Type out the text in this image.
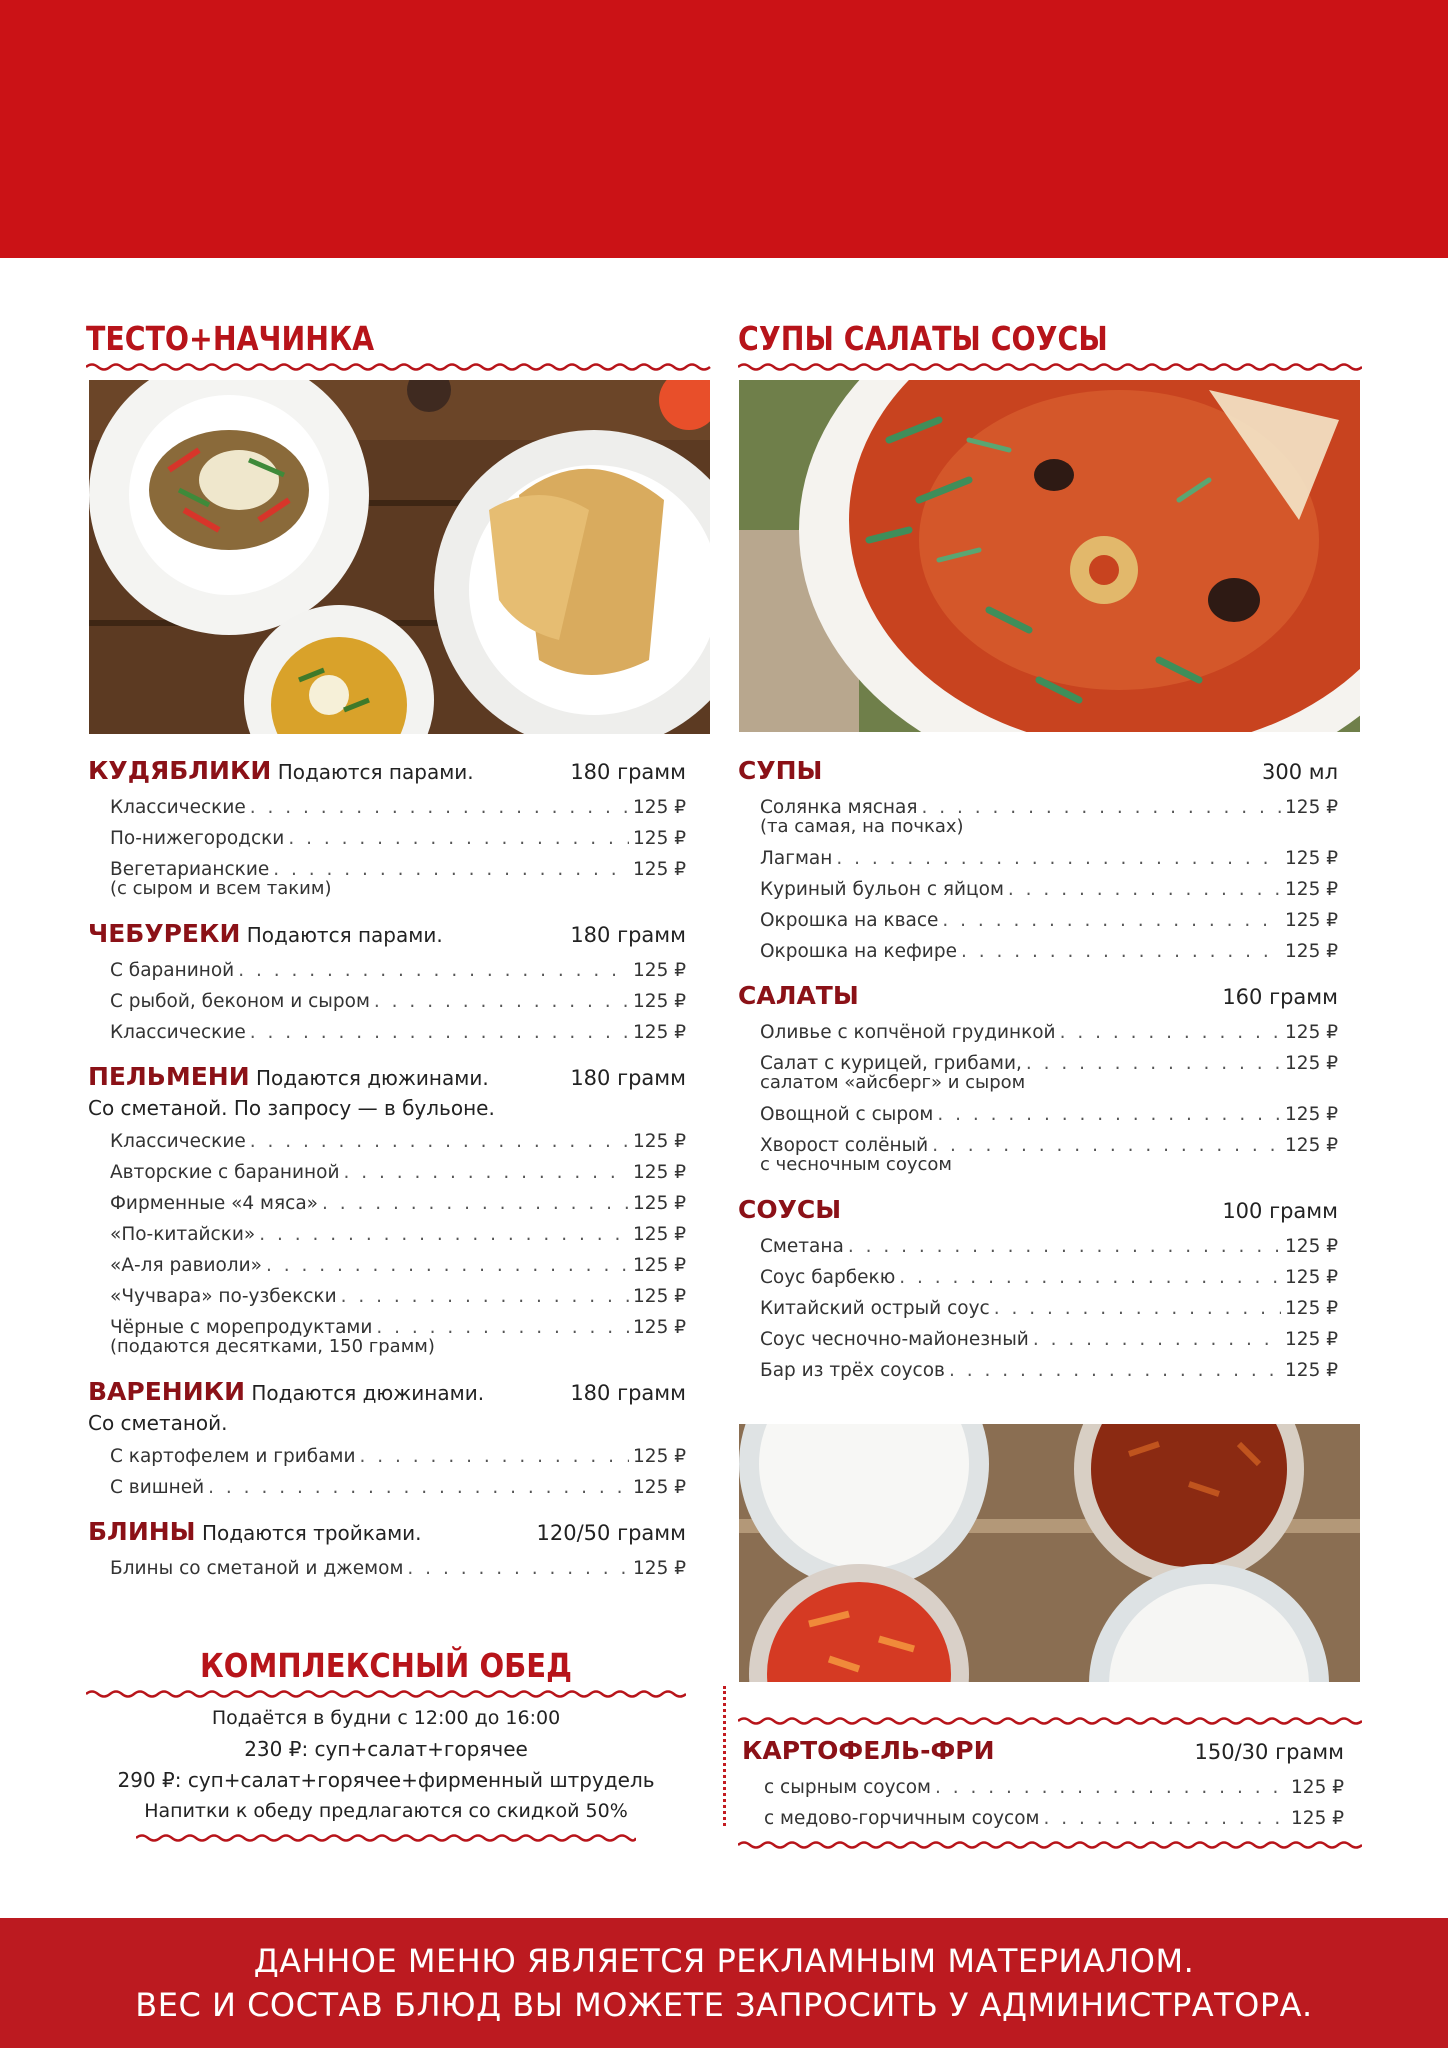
ТЕСТО+НАЧИНКА
КУДЯБЛИКИ Подаются парами.	180 грамм
Классические . . .	125 ₽
По-нижегородски . . .	125 ₽
Вегетарианские . . .	125 ₽
(с сыром и всем таким)
ЧЕБУРЕКИ Подаются парами.	180 грамм
С бараниной . . .	125 ₽
С рыбой, беконом и сыром . . .	125 ₽
Классические . . .	125 ₽
ПЕЛЬМЕНИ Подаются дюжинами.	180 грамм
Со сметаной. По запросу — в бульоне.
Классические . . .	125 ₽
Авторские с бараниной . . .	125 ₽
Фирменные «4 мяса» . . .	125 ₽
«По-китайски» . . .	125 ₽
«А-ля равиоли» . . .	125 ₽
«Чучвара» по-узбекски . . .	125 ₽
Чёрные с морепродуктами . . .	125 ₽
(подаются десятками, 150 грамм)
ВАРЕНИКИ Подаются дюжинами.	180 грамм
Со сметаной.
С картофелем и грибами . . .	125 ₽
С вишней . . .	125 ₽
БЛИНЫ Подаются тройками.	120/50 грамм
Блины со сметаной и джемом . . .	125 ₽
СУПЫ САЛАТЫ СОУСЫ
СУПЫ	300 мл
Солянка мясная . . .	125 ₽
(та самая, на почках)
Лагман . . .	125 ₽
Куриный бульон с яйцом . . .	125 ₽
Окрошка на квасе . . .	125 ₽
Окрошка на кефире . . .	125 ₽
САЛАТЫ	160 грамм
Оливье с копчёной грудинкой . . .	125 ₽
Салат с курицей, грибами, . . .	125 ₽
салатом «айсберг» и сыром
Овощной с сыром . . .	125 ₽
Хворост солёный . . .	125 ₽
с чесночным соусом
СОУСЫ	100 грамм
Сметана . . .	125 ₽
Соус барбекю . . .	125 ₽
Китайский острый соус . . .	125 ₽
Соус чесночно-майонезный . . .	125 ₽
Бар из трёх соусов . . .	125 ₽
КОМПЛЕКСНЫЙ ОБЕД
Подаётся в будни с 12:00 до 16:00
230 ₽: суп+салат+горячее
290 ₽: суп+салат+горячее+фирменный штрудель
Напитки к обеду предлагаются со скидкой 50%
КАРТОФЕЛЬ-ФРИ	150/30 грамм
с сырным соусом . . .	125 ₽
с медово-горчичным соусом . . .	125 ₽
ДАННОЕ МЕНЮ ЯВЛЯЕТСЯ РЕКЛАМНЫМ МАТЕРИАЛОМ.
ВЕС И СОСТАВ БЛЮД ВЫ МОЖЕТЕ ЗАПРОСИТЬ У АДМИНИСТРАТОРА.
